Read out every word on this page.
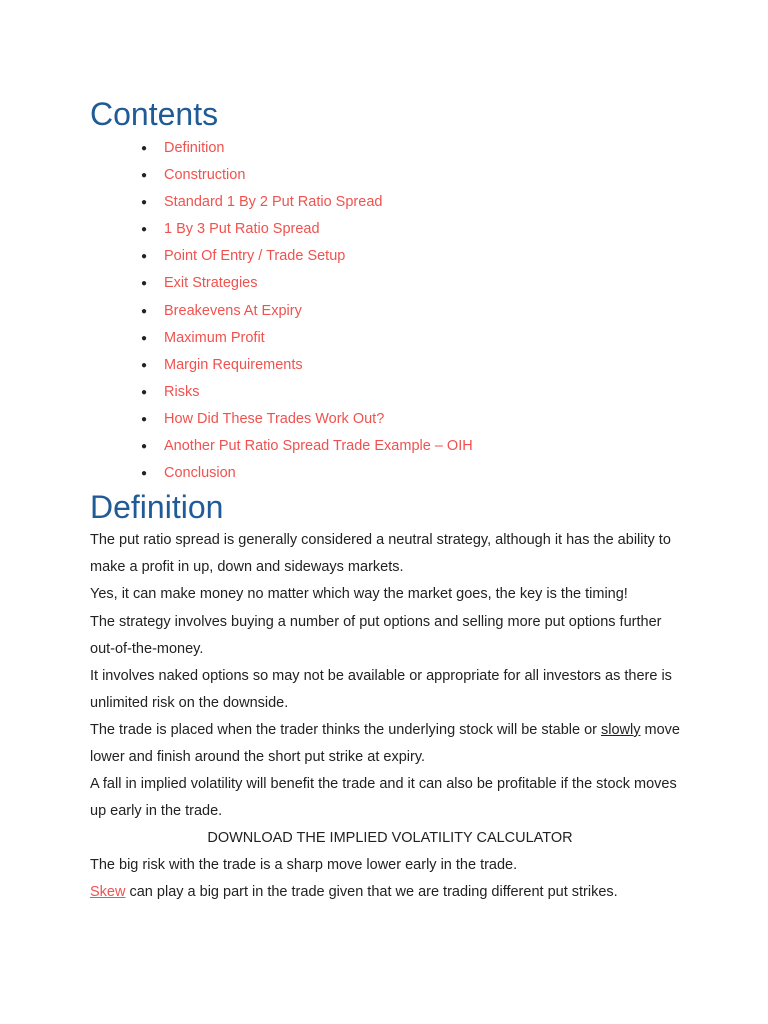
Contents
● Definition
● Construction
● Standard 1 By 2 Put Ratio Spread
● 1 By 3 Put Ratio Spread
● Point Of Entry / Trade Setup
● Exit Strategies
● Breakevens At Expiry
● Maximum Profit
● Margin Requirements
● Risks
● How Did These Trades Work Out?
● Another Put Ratio Spread Trade Example – OIH
● Conclusion
Definition

The put ratio spread is generally considered a neutral strategy, although it has the ability to make a profit in up, down and sideways markets.

Yes, it can make money no matter which way the market goes, the key is the timing!

The strategy involves buying a number of put options and selling more put options further out-of-the-money.

It involves naked options so may not be available or appropriate for all investors as there is unlimited risk on the downside.

The trade is placed when the trader thinks the underlying stock will be stable or slowly move lower and finish around the short put strike at expiry.

A fall in implied volatility will benefit the trade and it can also be profitable if the stock moves up early in the trade.

DOWNLOAD THE IMPLIED VOLATILITY CALCULATOR

The big risk with the trade is a sharp move lower early in the trade.

Skew can play a big part in the trade given that we are trading different put strikes.
